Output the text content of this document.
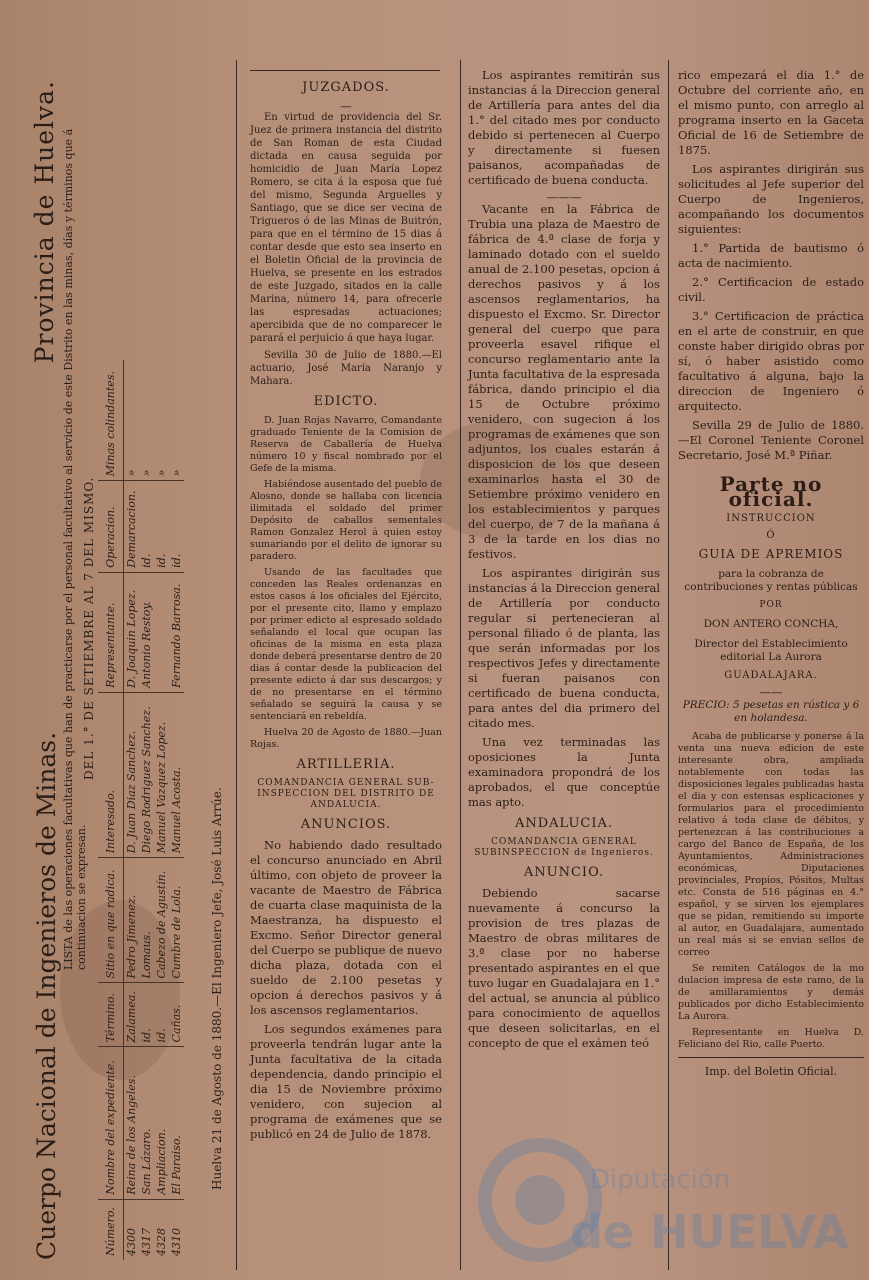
Cuerpo Nacional de Ingenieros de Minas.
Provincia de Huelva. LISTA de las operaciones facultativas que han de practicarse por el personal facultativo al servicio de este Distrito en las minas, días y términos que á continuacion se expresan.
DEL 1.° DE SETIEMBRE AL 7 DEL MISMO.
Número.	Nombre del expediente.	Término.	Sitio en que radica.	Interesado.	Representante.	Operacion.	Minas colindantes.
4300	Reina de los Angeles.	Zalamea.	Pedro Jimenez.	D. Juan Diaz Sanchez.	D. Joaquin Lopez.	Demarcacion.	»
4317	San Lázaro.	id.	Lomaus.	Diego Rodriguez Sanchez.	Antonio Restoy.	id.	»
4328	Ampliacion.	id.	Cabezo de Agustín.	Manuel Vazquez Lopez.		id.	»
4310	El Paraiso.	Cañas.	Cumbre de Lola.	Manuel Acosta.	Fernando Barrosa.	id.	»
Huelva 21 de Agosto de 1880.—El Ingeniero Jefe, José Luis Arrúe.
JUZGADOS.
—

En virtud de providencia del Sr. Juez de primera instancia del distrito de San Roman de esta Ciudad dictada en causa seguida por homicidio de Juan María Lopez Romero, se cita á la esposa que fué del mismo, Segunda Arguelles y Santiago, que se dice ser vecina de Trigueros ó de las Minas de Buitrón, para que en el término de 15 dias á contar desde que esto sea inserto en el Boletin Oficial de la provincia de Huelva, se presente en los estrados de este Juzgado, sitados en la calle Marina, número 14, para ofrecerle las espresadas actuaciones; apercibida que de no comparecer le parará el perjuicio á que haya lugar.

Sevilla 30 de Julio de 1880.—El actuario, José María Naranjo y Mahara.

EDICTO.

D. Juan Rojas Navarro, Comandante graduado Teniente de la Comision de Reserva de Caballería de Huelva número 10 y fiscal nombrado por el Gefe de la misma.

Habiéndose ausentado del pueblo de Alosno, donde se hallaba con licencia ilimitada el soldado del primer Depósito de caballos sementales Ramon Gonzalez Herol á quien estoy sumariando por el delito de ignorar su paradero.

Usando de las facultades que conceden las Reales ordenanzas en estos casos á los oficiales del Ejército, por el presente cito, llamo y emplazo por primer edicto al espresado soldado señalando el local que ocupan las oficinas de la misma en esta plaza donde deberá presentarse dentro de 20 dias á contar desde la publicacion del presente edicto á dar sus descargos; y de no presentarse en el término señalado se seguirá la causa y se sentenciará en rebeldía.

Huelva 20 de Agosto de 1880.—Juan Rojas.

ARTILLERIA.
COMANDANCIA GENERAL SUB-INSPECCION DEL DISTRITO DE ANDALUCIA.
ANUNCIOS.

No habiendo dado resultado el concurso anunciado en Abril último, con objeto de proveer la vacante de Maestro de Fábrica de cuarta clase maquinista de la Maestranza, ha dispuesto el Excmo. Señor Director general del Cuerpo se publique de nuevo dicha plaza, dotada con el sueldo de 2.100 pesetas y opcion á derechos pasivos y á los ascensos reglamentarios.

Los segundos exámenes para proveerla tendrán lugar ante la Junta facultativa de la citada dependencia, dando principio el dia 15 de Noviembre próximo venidero, con sujecion al programa de exámenes que se publicó en 24 de Julio de 1878.

Los aspirantes remitirán sus instancias á la Direccion general de Artillería para antes del dia 1.° del citado mes por conducto debido si pertenecen al Cuerpo y directamente si fuesen paisanos, acompañadas de certificado de buena conducta.

———

Vacante en la Fábrica de Trubia una plaza de Maestro de fábrica de 4.ª clase de forja y laminado dotado con el sueldo anual de 2.100 pesetas, opcion á derechos pasivos y á los ascensos reglamentarios, ha dispuesto el Excmo. Sr. Director general del cuerpo que para proveerla esavel rifique el concurso reglamentario ante la Junta facultativa de la espresada fábrica, dando principio el dia 15 de Octubre próximo venidero, con sugecion á los programas de exámenes que son adjuntos, los cuales estarán á disposicion de los que deseen examinarlos hasta el 30 de Setiembre próximo venidero en los establecimientos y parques del cuerpo, de 7 de la mañana á 3 de la tarde en los dias no festivos.

Los aspirantes dirigirán sus instancias á la Direccion general de Artillería por conducto regular si pertenecieran al personal filiado ó de planta, las que serán informadas por los respectivos Jefes y directamente si fueran paisanos con certificado de buena conducta, para antes del dia primero del citado mes.

Una vez terminadas las oposiciones la Junta examinadora propondrá de los aprobados, el que conceptúe mas apto.

ANDALUCIA.
COMANDANCIA GENERAL SUBINSPECCION de Ingenieros.
ANUNCIO.

Debiendo sacarse nuevamente á concurso la provision de tres plazas de Maestro de obras militares de 3.ª clase por no haberse presentado aspirantes en el que tuvo lugar en Guadalajara en 1.° del actual, se anuncia al público para conocimiento de aquellos que deseen solicitarlas, en el concepto de que el exámen teó

rico empezará el dia 1.° de Octubre del corriente año, en el mismo punto, con arreglo al programa inserto en la Gaceta Oficial de 16 de Setiembre de 1875.

Los aspirantes dirigirán sus solicitudes al Jefe superior del Cuerpo de Ingenieros, acompañando los documentos siguientes:

1.° Partida de bautismo ó acta de nacimiento.

2.° Certificacion de estado civil.

3.° Certificacion de práctica en el arte de construir, en que conste haber dirigido obras por sí, ó haber asistido como facultativo á alguna, bajo la direccion de Ingeniero ó arquitecto.

Sevilla 29 de Julio de 1880. —El Coronel Teniente Coronel Secretario, José M.ª Piñar.

Parte no oficial.
INSTRUCCION
Ó
GUIA DE APREMIOS
para la cobranza de contribuciones y rentas públicas
POR
DON ANTERO CONCHA,
Director del Establecimiento editorial La Aurora
GUADALAJARA.
——
PRECIO: 5 pesetas en rústica y 6 en holandesa.

Acaba de publicarse y ponerse á la venta una nueva edicion de este interesante obra, ampliada notablemente con todas las disposiciones legales publicadas hasta el dia y con estensas esplicaciones y formularios para el procedimiento relativo á toda clase de débitos, y pertenezcan á las contribuciones a cargo del Banco de España, de los Ayuntamientos, Administraciones económicas, Diputaciones provinciales, Propios, Pósitos, Multas etc. Consta de 516 páginas en 4.° español, y se sirven los ejemplares que se pidan, remitiendo su importe al autor, en Guadalajara, aumentado un real más si se envian sellos de correo

Se remiten Catálogos de la mo dulacion impresa de este ramo, de la de amillaramientos y demás publicados por dicho Establecimiento La Aurora.

Representante en Huelva D. Feliciano del Rio, calle Puerto.

Imp. del Boletin Oficial.
Diputación
de HUELVA
